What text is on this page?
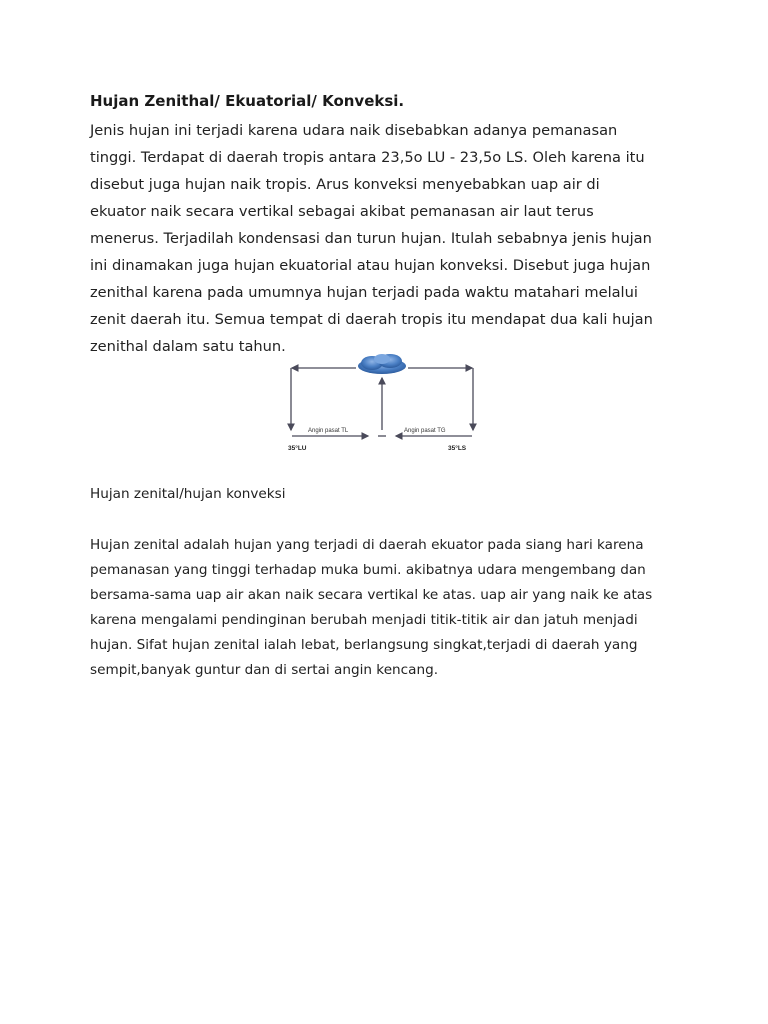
Hujan Zenithal/ Ekuatorial/ Konveksi.

Jenis hujan ini terjadi karena udara naik disebabkan adanya pemanasan
tinggi. Terdapat di daerah tropis antara 23,5o LU - 23,5o LS. Oleh karena itu
disebut juga hujan naik tropis. Arus konveksi menyebabkan uap air di
ekuator naik secara vertikal sebagai akibat pemanasan air laut terus
menerus. Terjadilah kondensasi dan turun hujan. Itulah sebabnya jenis hujan
ini dinamakan juga hujan ekuatorial atau hujan konveksi. Disebut juga hujan
zenithal karena pada umumnya hujan terjadi pada waktu matahari melalui
zenit daerah itu. Semua tempat di daerah tropis itu mendapat dua kali hujan
zenithal dalam satu tahun.

Angin pasat TL	Angin pasat TG
35°LU	35°LS

Hujan zenital/hujan konveksi

Hujan zenital adalah hujan yang terjadi di daerah ekuator pada siang hari karena
pemanasan yang tinggi terhadap muka bumi. akibatnya udara mengembang dan
bersama-sama uap air akan naik secara vertikal ke atas. uap air yang naik ke atas
karena mengalami pendinginan berubah menjadi titik-titik air dan jatuh menjadi
hujan. Sifat hujan zenital ialah lebat, berlangsung singkat,terjadi di daerah yang
sempit,banyak guntur dan di sertai angin kencang.
